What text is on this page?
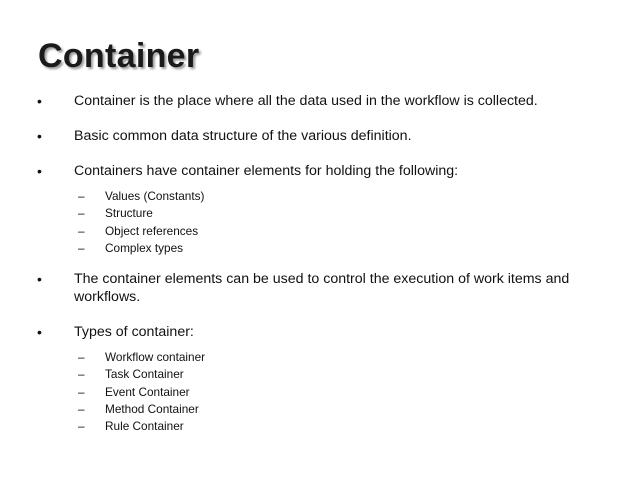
Container
• Container is the place where all the data used in the workflow is collected.
• Basic common data structure of the various definition.
• Containers have container elements for holding the following:
– Values (Constants)
– Structure
– Object references
– Complex types
• The container elements can be used to control the execution of work items and workflows.
• Types of container:
– Workflow container
– Task Container
– Event Container
– Method Container
– Rule Container
